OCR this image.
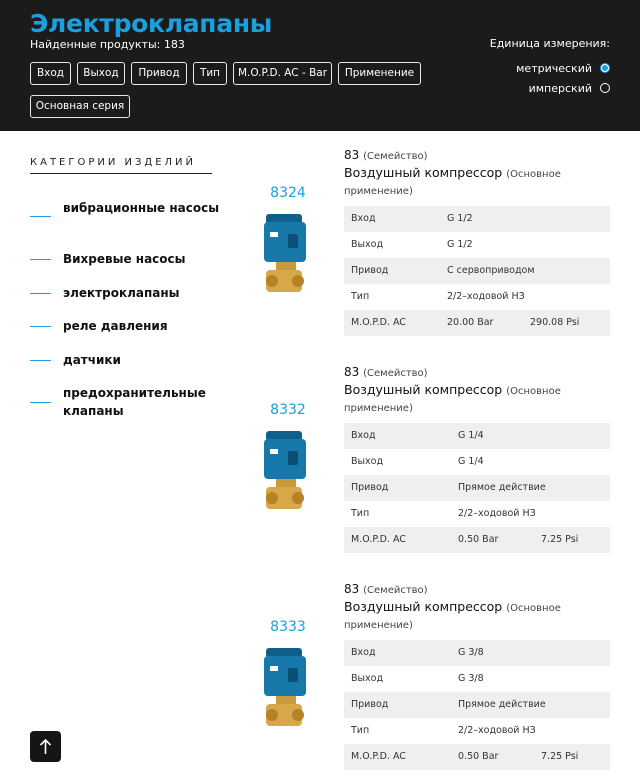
Электроклапаны
Найденные продукты: 183
Вход	Выход	Привод	Тип	M.O.P.D. AC - Bar	Применение
Основная серия
Единица измерения:
метрический
имперский
КАТЕГОРИИ ИЗДЕЛИЙ
вибрационные насосы
Вихревые насосы
электроклапаны
реле давления
датчики
предохранительные клапаны
8324
83 (Семейство)
Воздушный компрессор (Основное применение)
Вход	G 1/2
Выход	G 1/2
Привод	С сервоприводом
Тип	2/2–ходовой НЗ
M.O.P.D. AC	20.00 Bar	290.08 Psi
8332
83 (Семейство)
Воздушный компрессор (Основное применение)
Вход	G 1/4
Выход	G 1/4
Привод	Прямое действие
Тип	2/2–ходовой НЗ
M.O.P.D. AC	0.50 Bar	7.25 Psi
8333
83 (Семейство)
Воздушный компрессор (Основное применение)
Вход	G 3/8
Выход	G 3/8
Привод	Прямое действие
Тип	2/2–ходовой НЗ
M.O.P.D. AC	0.50 Bar	7.25 Psi
